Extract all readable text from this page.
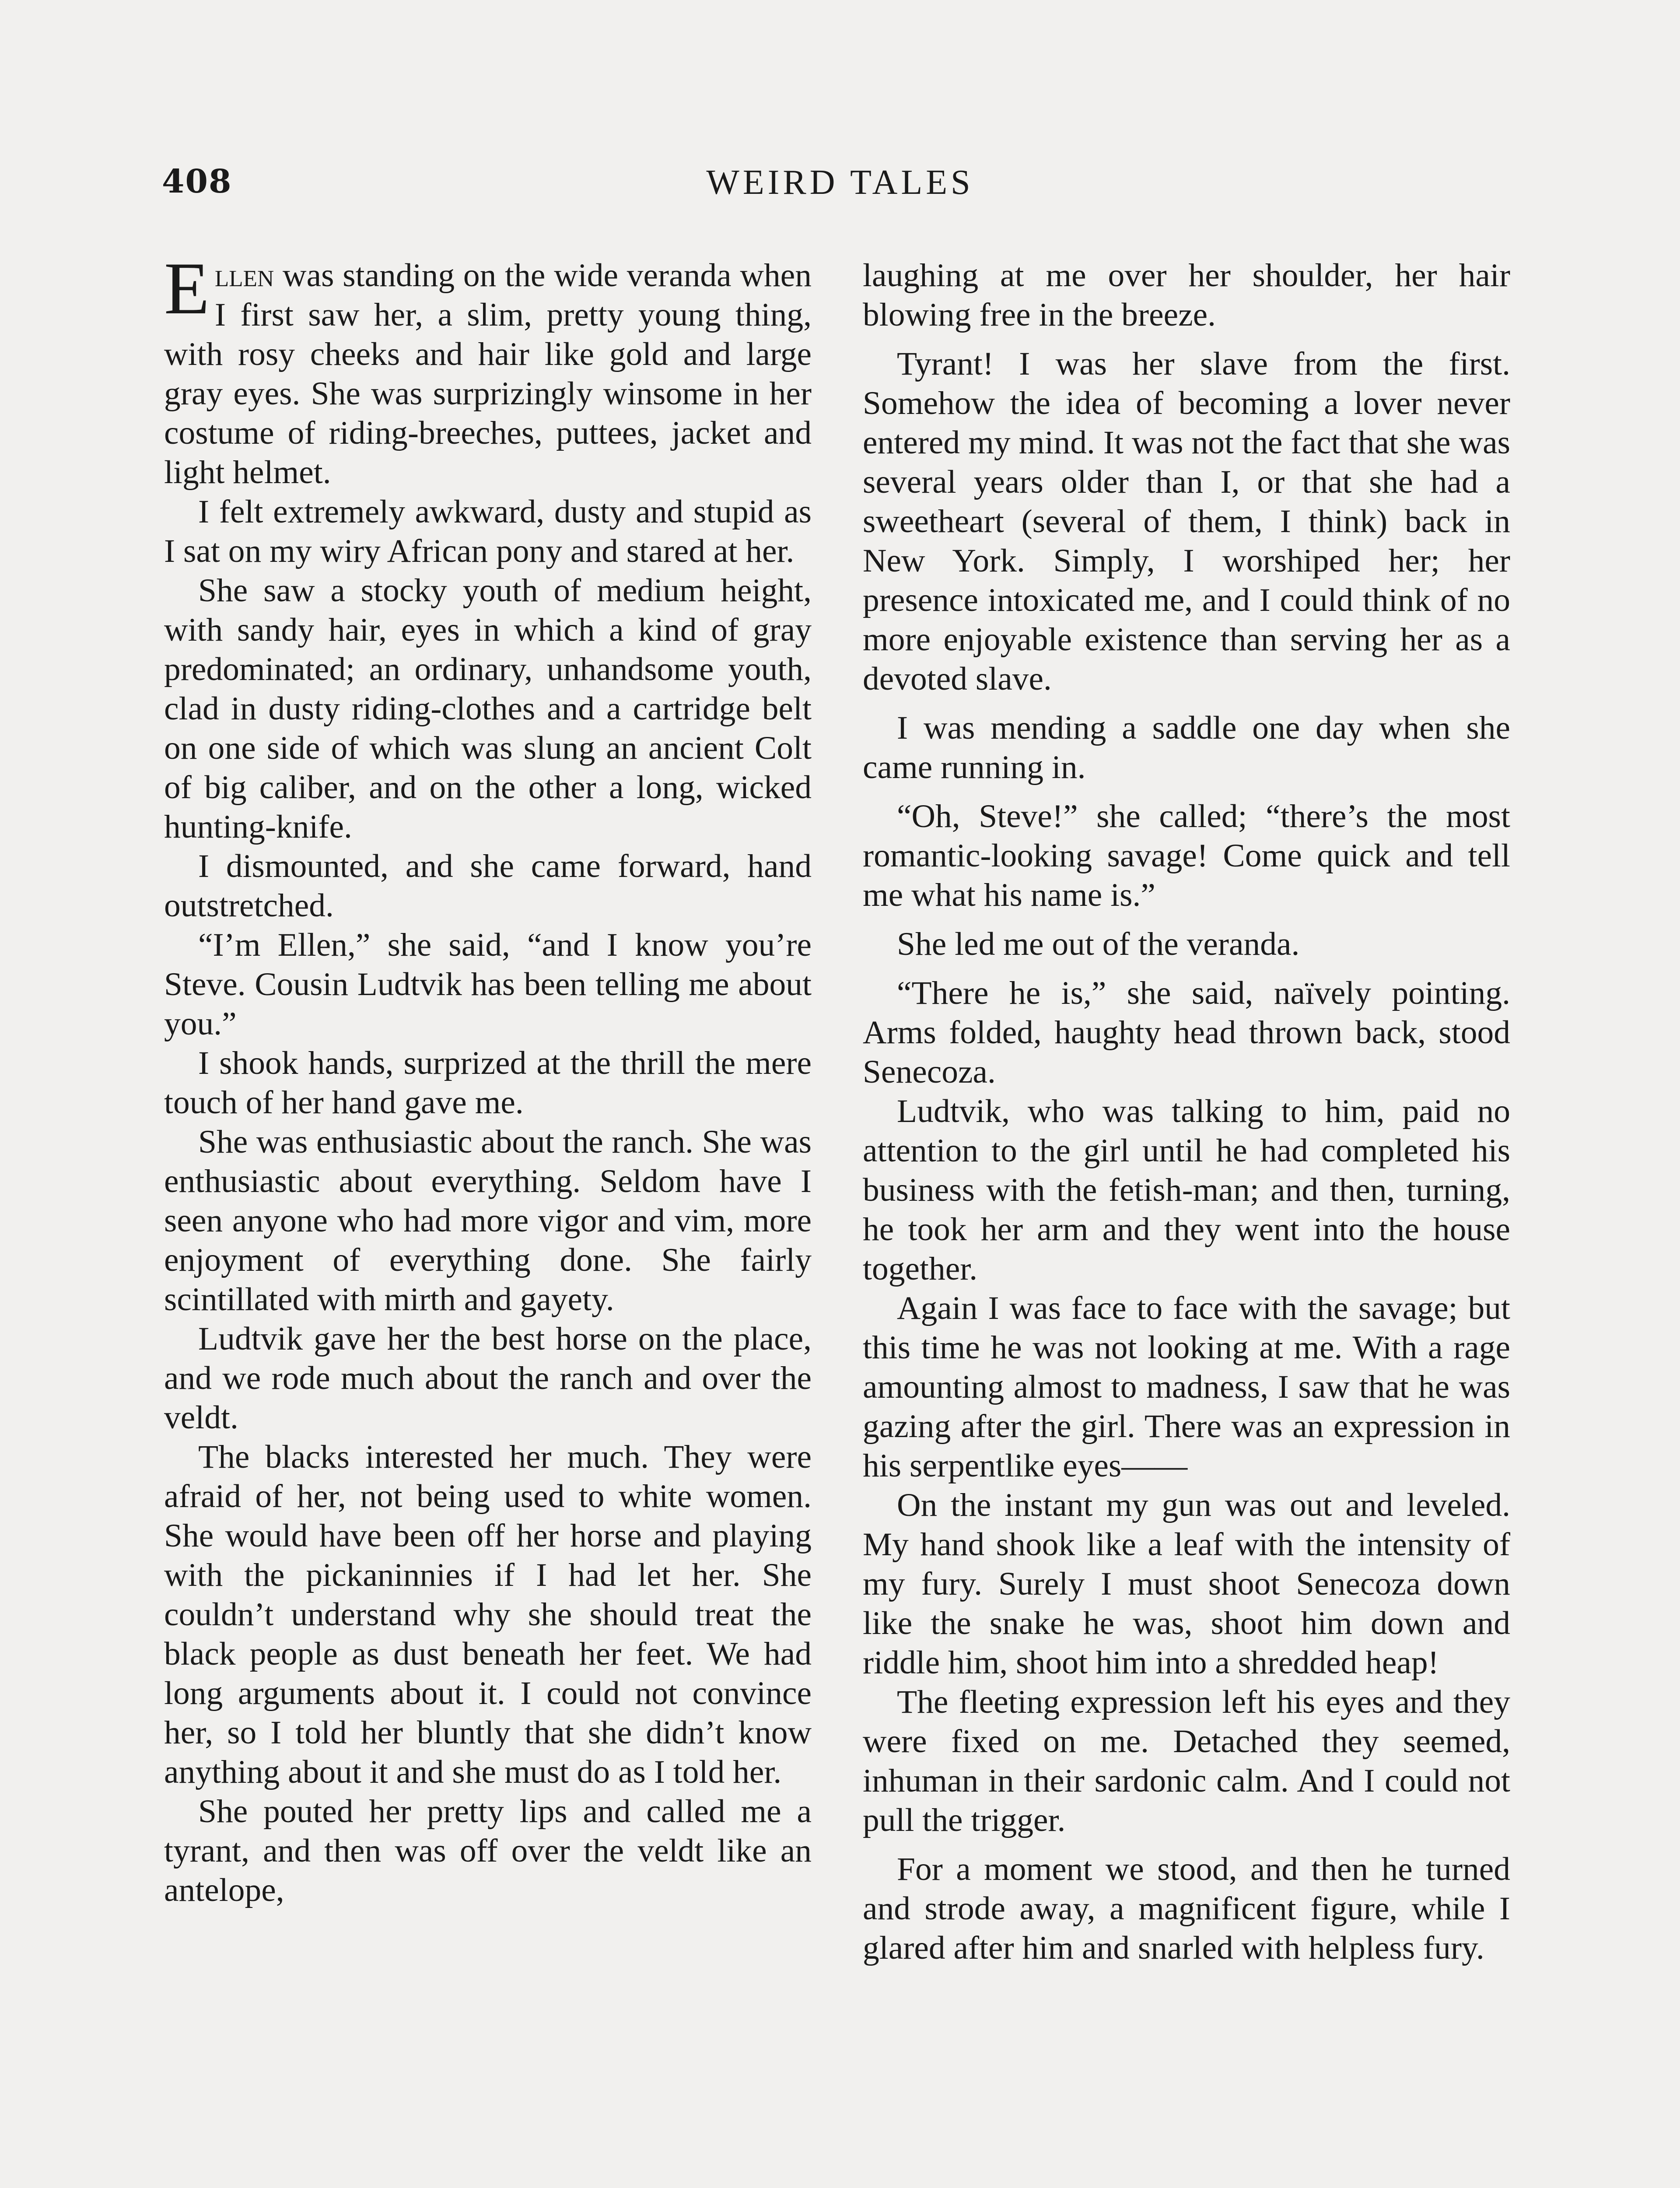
408	WEIRD TALES

Ellen was standing on the wide veranda when I first saw her, a slim, pretty young thing, with rosy cheeks and hair like gold and large gray eyes. She was surprizingly winsome in her costume of riding-breeches, puttees, jacket and light helmet.

I felt extremely awkward, dusty and stupid as I sat on my wiry African pony and stared at her.

She saw a stocky youth of medium height, with sandy hair, eyes in which a kind of gray predominated; an ordinary, unhandsome youth, clad in dusty riding-clothes and a cartridge belt on one side of which was slung an ancient Colt of big caliber, and on the other a long, wicked hunting-knife.

I dismounted, and she came forward, hand outstretched.

“I’m Ellen,” she said, “and I know you’re Steve. Cousin Ludtvik has been telling me about you.”

I shook hands, surprized at the thrill the mere touch of her hand gave me.

She was enthusiastic about the ranch. She was enthusiastic about everything. Seldom have I seen anyone who had more vigor and vim, more enjoyment of everything done. She fairly scintillated with mirth and gayety.

Ludtvik gave her the best horse on the place, and we rode much about the ranch and over the veldt.

The blacks interested her much. They were afraid of her, not being used to white women. She would have been off her horse and playing with the pickaninnies if I had let her. She couldn’t understand why she should treat the black people as dust beneath her feet. We had long arguments about it. I could not convince her, so I told her bluntly that she didn’t know anything about it and she must do as I told her.

She pouted her pretty lips and called me a tyrant, and then was off over the veldt like an antelope,

laughing at me over her shoulder, her hair blowing free in the breeze.

Tyrant! I was her slave from the first. Somehow the idea of becoming a lover never entered my mind. It was not the fact that she was several years older than I, or that she had a sweetheart (several of them, I think) back in New York. Simply, I worshiped her; her presence intoxicated me, and I could think of no more enjoyable existence than serving her as a devoted slave.

I was mending a saddle one day when she came running in.

“Oh, Steve!” she called; “there’s the most romantic-looking savage! Come quick and tell me what his name is.”

She led me out of the veranda.

“There he is,” she said, naïvely pointing. Arms folded, haughty head thrown back, stood Senecoza.

Ludtvik, who was talking to him, paid no attention to the girl until he had completed his business with the fetish-man; and then, turning, he took her arm and they went into the house together.

Again I was face to face with the savage; but this time he was not looking at me. With a rage amounting almost to madness, I saw that he was gazing after the girl. There was an expression in his serpentlike eyes——

On the instant my gun was out and leveled. My hand shook like a leaf with the intensity of my fury. Surely I must shoot Senecoza down like the snake he was, shoot him down and riddle him, shoot him into a shredded heap!

The fleeting expression left his eyes and they were fixed on me. Detached they seemed, inhuman in their sardonic calm. And I could not pull the trigger.

For a moment we stood, and then he turned and strode away, a magnificent figure, while I glared after him and snarled with helpless fury.
